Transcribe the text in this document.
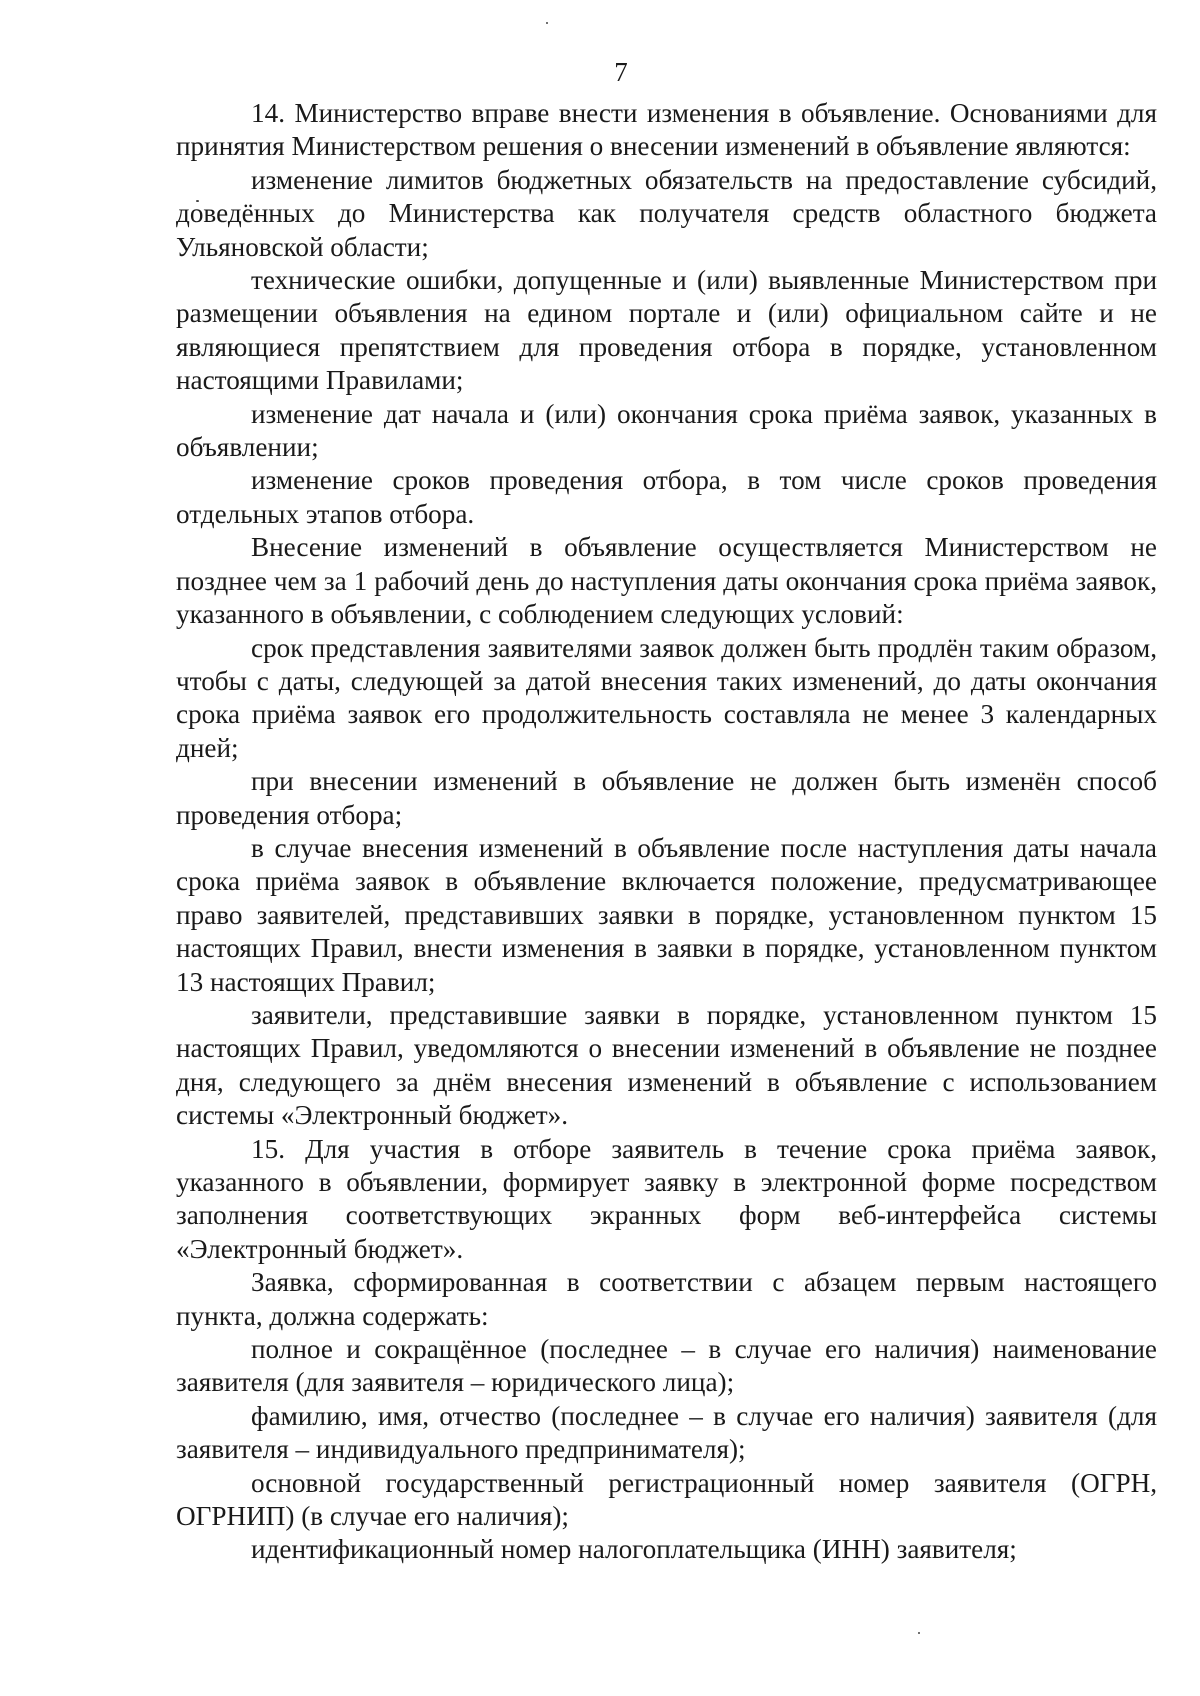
7

14. Министерство вправе внести изменения в объявление. Основаниями для принятия Министерством решения о внесении изменений в объявление являются:

изменение лимитов бюджетных обязательств на предоставление субсидий, доведённых до Министерства как получателя средств областного бюджета Ульяновской области;

технические ошибки, допущенные и (или) выявленные Министерством при размещении объявления на едином портале и (или) официальном сайте и не являющиеся препятствием для проведения отбора в порядке, установленном настоящими Правилами;

изменение дат начала и (или) окончания срока приёма заявок, указанных в объявлении;

изменение сроков проведения отбора, в том числе сроков проведения отдельных этапов отбора.

Внесение изменений в объявление осуществляется Министерством не позднее чем за 1 рабочий день до наступления даты окончания срока приёма заявок, указанного в объявлении, с соблюдением следующих условий:

срок представления заявителями заявок должен быть продлён таким образом, чтобы с даты, следующей за датой внесения таких изменений, до даты окончания срока приёма заявок его продолжительность составляла не менее 3 календарных дней;

при внесении изменений в объявление не должен быть изменён способ проведения отбора;

в случае внесения изменений в объявление после наступления даты начала срока приёма заявок в объявление включается положение, предусматривающее право заявителей, представивших заявки в порядке, установленном пунктом 15 настоящих Правил, внести изменения в заявки в порядке, установленном пунктом 13 настоящих Правил;

заявители, представившие заявки в порядке, установленном пунктом 15 настоящих Правил, уведомляются о внесении изменений в объявление не позднее дня, следующего за днём внесения изменений в объявление с использованием системы «Электронный бюджет».

15. Для участия в отборе заявитель в течение срока приёма заявок, указанного в объявлении, формирует заявку в электронной форме посредством заполнения соответствующих экранных форм веб-интерфейса системы «Электронный бюджет».

Заявка, сформированная в соответствии с абзацем первым настоящего пункта, должна содержать:

полное и сокращённое (последнее – в случае его наличия) наименование заявителя (для заявителя – юридического лица);

фамилию, имя, отчество (последнее – в случае его наличия) заявителя (для заявителя – индивидуального предпринимателя);

основной государственный регистрационный номер заявителя (ОГРН, ОГРНИП) (в случае его наличия);

идентификационный номер налогоплательщика (ИНН) заявителя;
